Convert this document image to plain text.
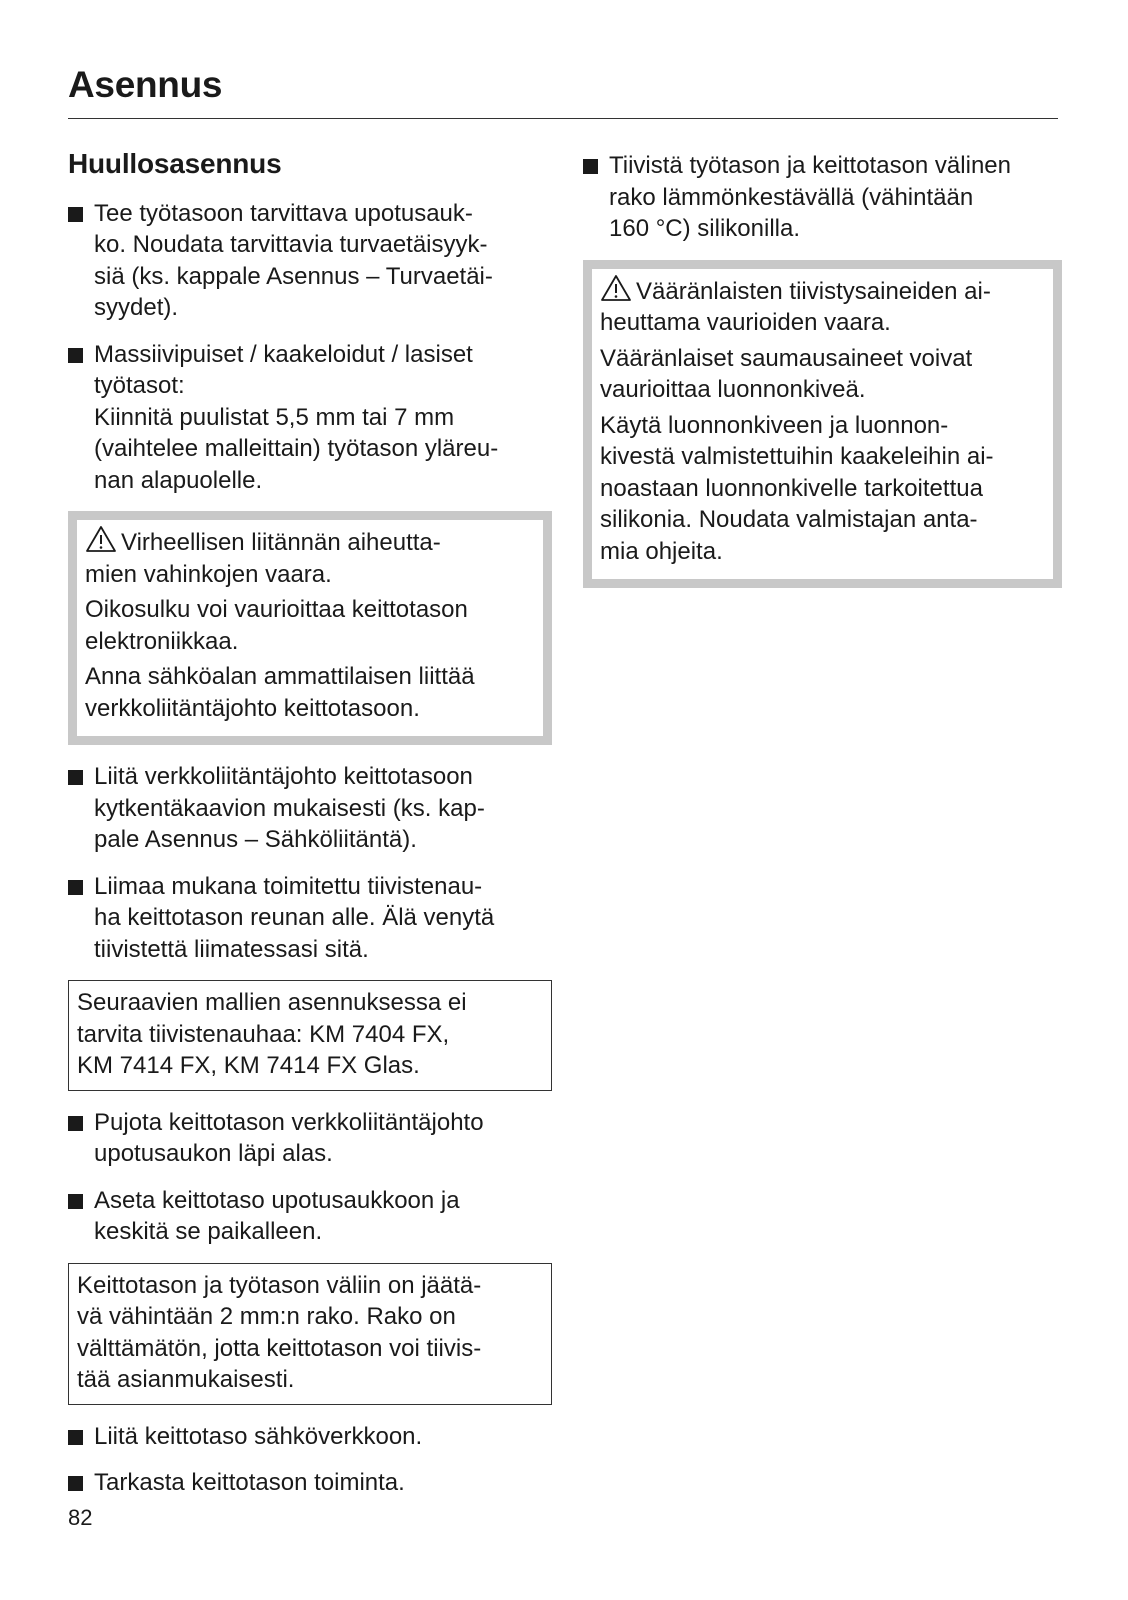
Asennus
Huullosasennus
Tee työtasoon tarvittava upotusauk-
ko. Noudata tarvittavia turvaetäisyyk-
siä (ks. kappale Asennus – Turvaetäi-
syydet).
Massiivipuiset / kaakeloidut / lasiset
työtasot:
Kiinnitä puulistat 5,5 mm tai 7 mm
(vaihtelee malleittain) työtason yläreu-
nan alapuolelle.

Virheellisen liitännän aiheutta-
mien vahinkojen vaara.

Oikosulku voi vaurioittaa keittotason
elektroniikkaa.

Anna sähköalan ammattilaisen liittää
verkkoliitäntäjohto keittotasoon.

Liitä verkkoliitäntäjohto keittotasoon
kytkentäkaavion mukaisesti (ks. kap-
pale Asennus – Sähköliitäntä).
Liimaa mukana toimitettu tiivistenau-
ha keittotason reunan alle. Älä venytä
tiivistettä liimatessasi sitä.
Seuraavien mallien asennuksessa ei
tarvita tiivistenauhaa: KM 7404 FX,
KM 7414 FX, KM 7414 FX Glas.
Pujota keittotason verkkoliitäntäjohto
upotusaukon läpi alas.
Aseta keittotaso upotusaukkoon ja
keskitä se paikalleen.
Keittotason ja työtason väliin on jäätä-
vä vähintään 2 mm:n rako. Rako on
välttämätön, jotta keittotason voi tiivis-
tää asianmukaisesti.
Liitä keittotaso sähköverkkoon.
Tarkasta keittotason toiminta.
Tiivistä työtason ja keittotason välinen
rako lämmönkestävällä (vähintään
160 °C) silikonilla.

Vääränlaisten tiivistysaineiden ai-
heuttama vaurioiden vaara.

Vääränlaiset saumausaineet voivat
vaurioittaa luonnonkiveä.

Käytä luonnonkiveen ja luonnon-
kivestä valmistettuihin kaakeleihin ai-
noastaan luonnonkivelle tarkoitettua
silikonia. Noudata valmistajan anta-
mia ohjeita.

82
